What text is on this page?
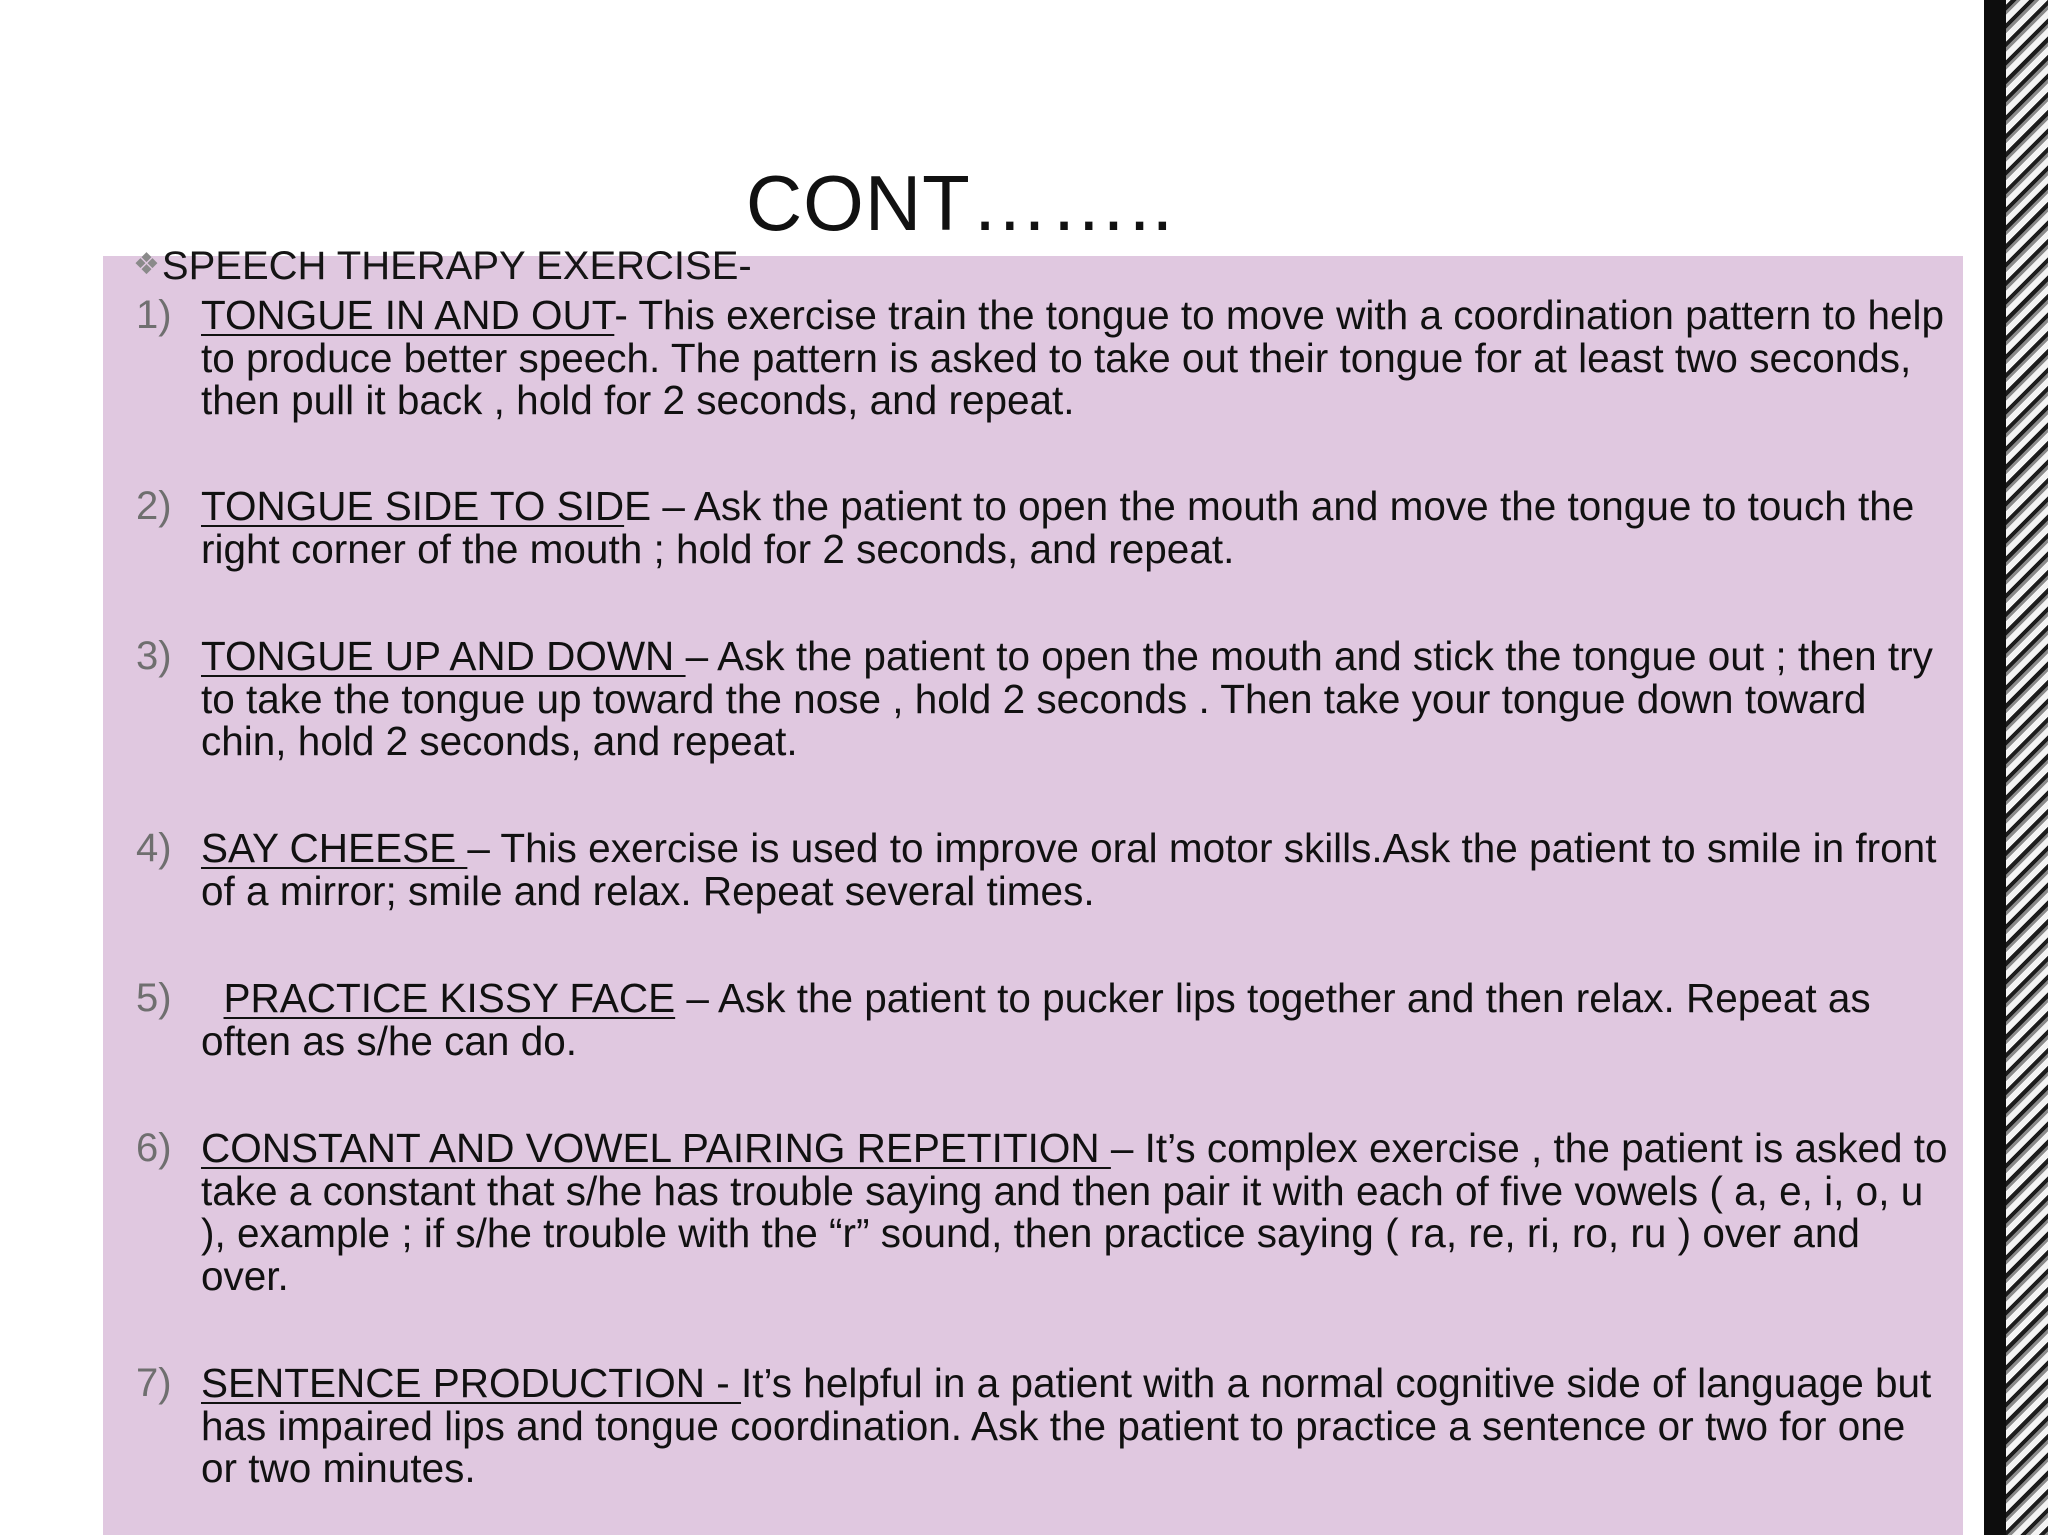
CONT……..
❖SPEECH THERAPY EXERCISE-
1) TONGUE IN AND OUT- This exercise train the tongue to move with a coordination pattern to help to produce better speech. The pattern is asked to take out their tongue for at least two seconds, then pull it back , hold for 2 seconds, and repeat.
2) TONGUE SIDE TO SIDE – Ask the patient to open the mouth and move the tongue to touch the right corner of the mouth ; hold for 2 seconds, and repeat.
3) TONGUE UP AND DOWN – Ask the patient to open the mouth and stick the tongue out ; then try to take the tongue up toward the nose , hold 2 seconds . Then take your tongue down toward chin, hold 2 seconds, and repeat.
4) SAY CHEESE – This exercise is used to improve oral motor skills.Ask the patient to smile in front of a mirror; smile and relax. Repeat several times.
5)	PRACTICE KISSY FACE – Ask the patient to pucker lips together and then relax. Repeat as often as s/he can do.
6) CONSTANT AND VOWEL PAIRING REPETITION – It’s complex exercise , the patient is asked to take a constant that s/he has trouble saying and then pair it with each of five vowels ( a, e, i, o, u ), example ; if s/he trouble with the “r” sound, then practice saying ( ra, re, ri, ro, ru ) over and over.
7) SENTENCE PRODUCTION - It’s helpful in a patient with a normal cognitive side of language but has impaired lips and tongue coordination. Ask the patient to practice a sentence or two for one or two minutes.
